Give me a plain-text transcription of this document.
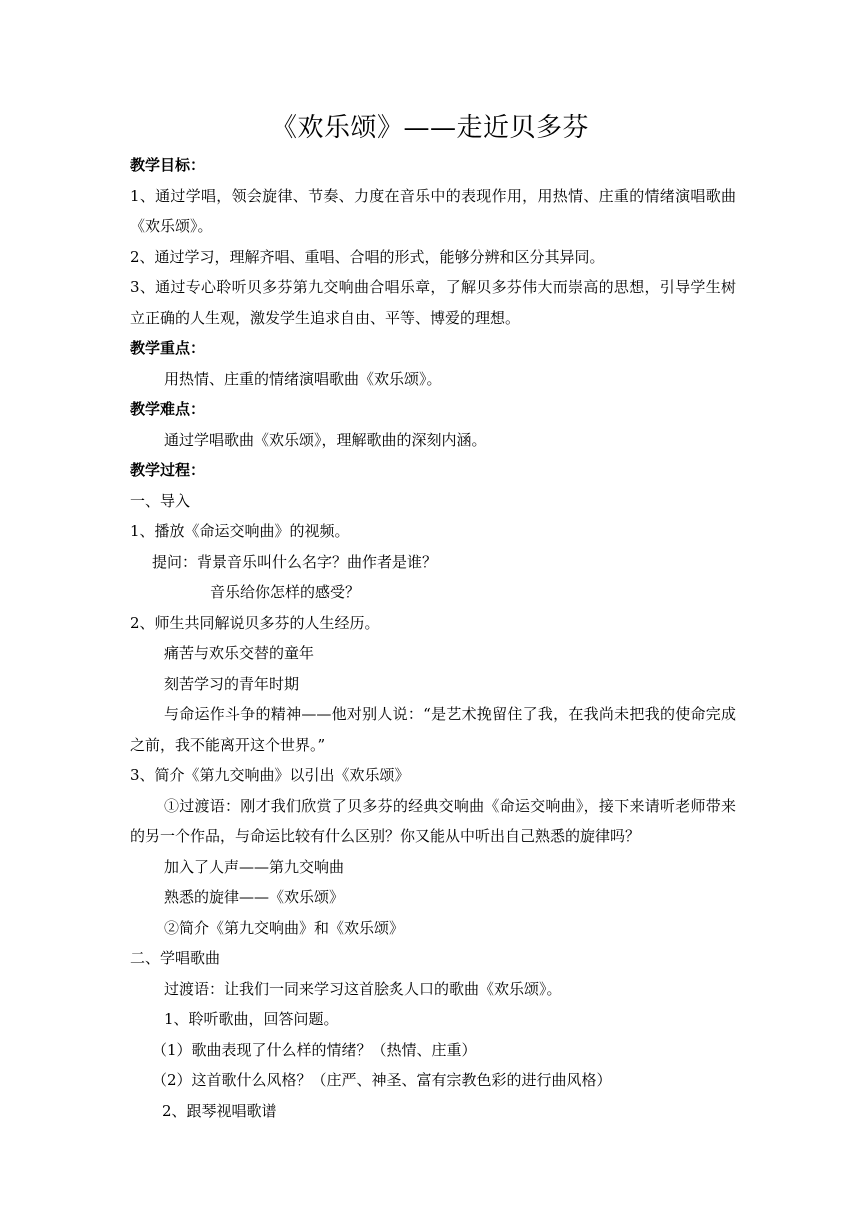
《欢乐颂》——走近贝多芬

教学目标：

1、通过学唱，领会旋律、节奏、力度在音乐中的表现作用，用热情、庄重的情绪演唱歌曲《欢乐颂》。

2、通过学习，理解齐唱、重唱、合唱的形式，能够分辨和区分其异同。

3、通过专心聆听贝多芬第九交响曲合唱乐章，了解贝多芬伟大而崇高的思想，引导学生树立正确的人生观，激发学生追求自由、平等、博爱的理想。

教学重点：

用热情、庄重的情绪演唱歌曲《欢乐颂》。

教学难点：

通过学唱歌曲《欢乐颂》，理解歌曲的深刻内涵。

教学过程：

一、导入

1、播放《命运交响曲》的视频。

提问：背景音乐叫什么名字？曲作者是谁？

音乐给你怎样的感受？

2、师生共同解说贝多芬的人生经历。

痛苦与欢乐交替的童年

刻苦学习的青年时期

与命运作斗争的精神——他对别人说：“是艺术挽留住了我，在我尚未把我的使命完成之前，我不能离开这个世界。”

3、简介《第九交响曲》以引出《欢乐颂》

①过渡语：刚才我们欣赏了贝多芬的经典交响曲《命运交响曲》，接下来请听老师带来的另一个作品，与命运比较有什么区别？你又能从中听出自己熟悉的旋律吗？

加入了人声——第九交响曲

熟悉的旋律——《欢乐颂》

②简介《第九交响曲》和《欢乐颂》

二、学唱歌曲

过渡语：让我们一同来学习这首脍炙人口的歌曲《欢乐颂》。

1、聆听歌曲，回答问题。

（1）歌曲表现了什么样的情绪？（热情、庄重）

（2）这首歌什么风格？（庄严、神圣、富有宗教色彩的进行曲风格）

2、跟琴视唱歌谱
